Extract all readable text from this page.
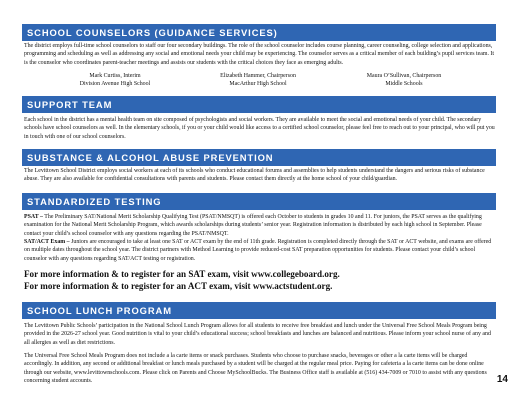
SCHOOL COUNSELORS (GUIDANCE SERVICES)

The district employs full-time school counselors to staff our four secondary buildings. The role of the school counselor includes course planning, career counseling, college selection and applications, programming and scheduling as well as addressing any social and emotional needs your child may be experiencing. The counselor serves as a critical member of each building’s pupil services team. It is the counselor who coordinates parent-teacher meetings and assists our students with the critical choices they face as emerging adults.

Mark Curtiss, Interim
Division Avenue High School
Elizabeth Hammer, Chairperson
MacArthur High School
Maura O’Sullivan, Chairperson
Middle Schools
SUPPORT TEAM

Each school in the district has a mental health team on site composed of psychologists and social workers. They are available to meet the social and emotional needs of your child. The secondary schools have school counselors as well. In the elementary schools, if you or your child would like access to a certified school counselor, please feel free to reach out to your principal, who will put you in touch with one of our school counselors.

SUBSTANCE & ALCOHOL ABUSE PREVENTION

The Levittown School District employs social workers at each of its schools who conduct educational forums and assemblies to help students understand the dangers and serious risks of substance abuse. They are also available for confidential consultations with parents and students. Please contact them directly at the home school of your child/guardian.

STANDARDIZED TESTING

PSAT – The Preliminary SAT/National Merit Scholarship Qualifying Test (PSAT/NMSQT) is offered each October to students in grades 10 and 11. For juniors, the PSAT serves as the qualifying examination for the National Merit Scholarship Program, which awards scholarships during students’ senior year. Registration information is distributed by each high school in September. Please contact your child’s school counselor with any questions regarding the PSAT/NMSQT.

SAT/ACT Exam – Juniors are encouraged to take at least one SAT or ACT exam by the end of 11th grade. Registration is completed directly through the SAT or ACT website, and exams are offered on multiple dates throughout the school year. The district partners with Method Learning to provide reduced-cost SAT preparation opportunities for students. Please contact your child’s school counselor with any questions regarding SAT/ACT testing or registration.

For more information & to register for an SAT exam, visit www.collegeboard.org.
For more information & to register for an ACT exam, visit www.actstudent.org.
SCHOOL LUNCH PROGRAM

The Levittown Public Schools’ participation in the National School Lunch Program allows for all students to receive free breakfast and lunch under the Universal Free School Meals Program being provided in the 2026-27 school year. Good nutrition is vital to your child’s educational success; school breakfasts and lunches are balanced and nutritious. Please inform your school nurse of any and all allergies as well as diet restrictions.

The Universal Free School Meals Program does not include a la carte items or snack purchases. Students who choose to purchase snacks, beverages or other a la carte items will be charged accordingly. In addition, any second or additional breakfast or lunch meals purchased by a student will be charged at the regular meal price. Paying for cafeteria a la carte items can be done online through our website, www.levittownschools.com. Please click on Parents and Choose MySchoolBucks. The Business Office staff is available at (516) 434-7009 or 7010 to assist with any questions concerning student accounts.	14
